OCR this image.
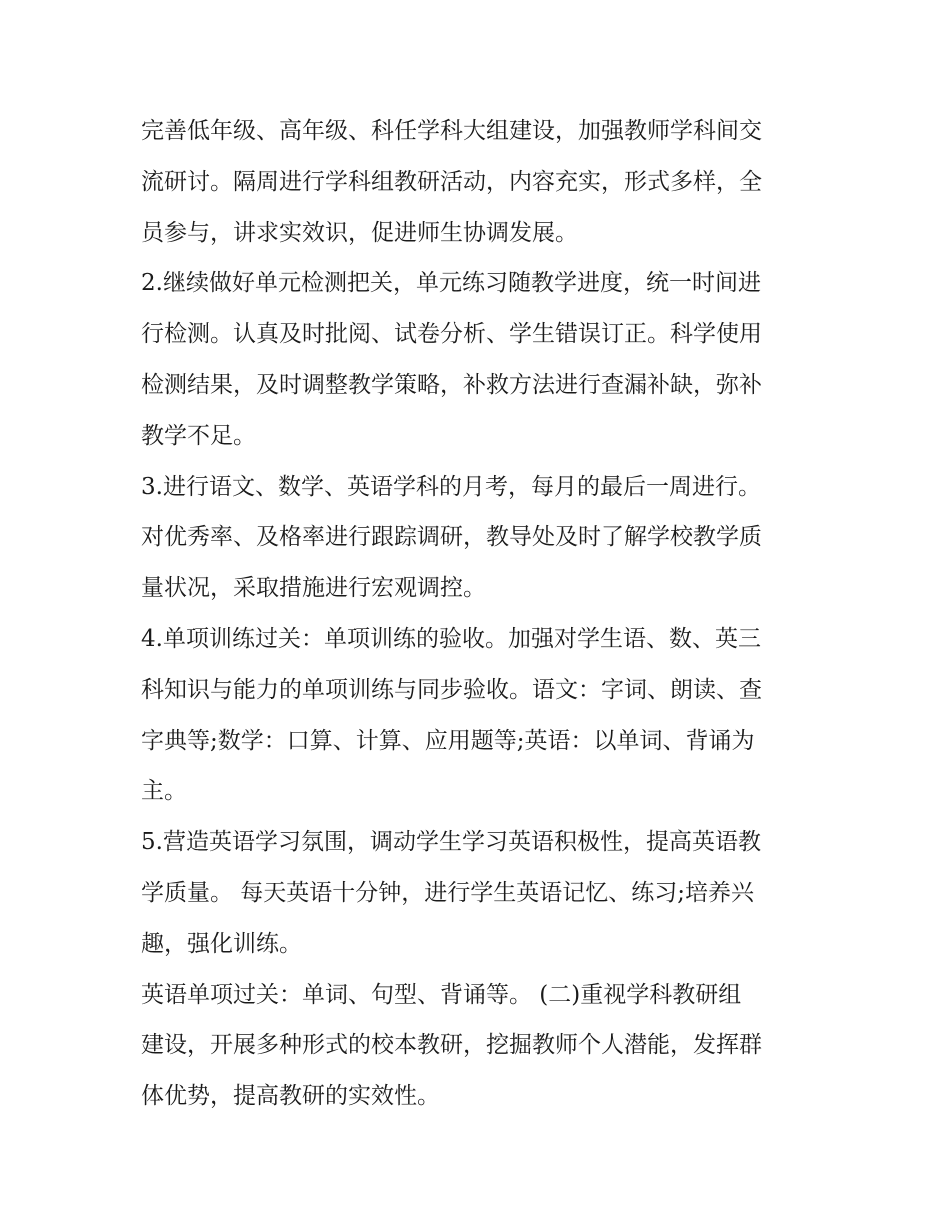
完善低年级、高年级、科任学科大组建设，加强教师学科间交
流研讨。隔周进行学科组教研活动，内容充实，形式多样，全
员参与，讲求实效识，促进师生协调发展。
2.继续做好单元检测把关，单元练习随教学进度，统一时间进
行检测。认真及时批阅、试卷分析、学生错误订正。科学使用
检测结果，及时调整教学策略，补救方法进行查漏补缺，弥补
教学不足。
3.进行语文、数学、英语学科的月考，每月的最后一周进行。
对优秀率、及格率进行跟踪调研，教导处及时了解学校教学质
量状况，采取措施进行宏观调控。
4.单项训练过关：单项训练的验收。加强对学生语、数、英三
科知识与能力的单项训练与同步验收。语文：字词、朗读、查
字典等;数学：口算、计算、应用题等;英语：以单词、背诵为
主。
5.营造英语学习氛围，调动学生学习英语积极性，提高英语教
学质量。 每天英语十分钟，进行学生英语记忆、练习;培养兴
趣，强化训练。
英语单项过关：单词、句型、背诵等。 (二)重视学科教研组
建设，开展多种形式的校本教研，挖掘教师个人潜能，发挥群
体优势，提高教研的实效性。
